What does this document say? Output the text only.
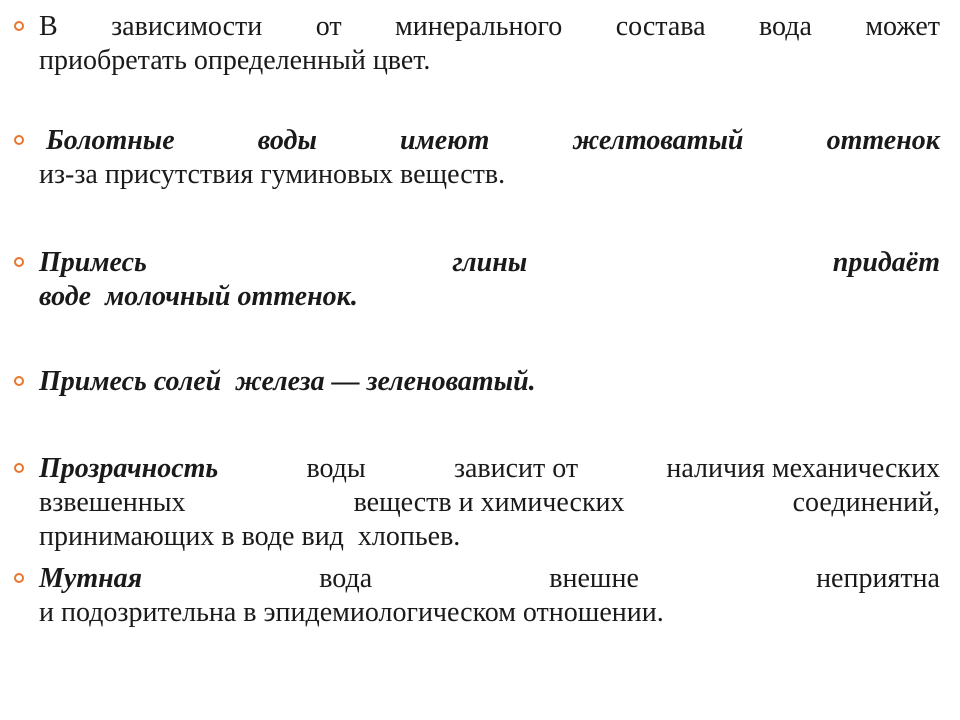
В зависимости от минерального состава вода может
приобретать определенный цвет.
Болотные	воды	имеют	желтоватый	оттенок
из-за присутствия гуминовых веществ.
Примесь	глины	придаёт
воде  молочный оттенок.
Примесь солей  железа — зеленоватый.
Прозрачность	воды	зависит от	наличия механических
взвешенных	веществ и химических	соединений,
принимающих в воде вид  хлопьев.
Мутная	вода	внешне	неприятна
и подозрительна в эпидемиологическом отношении.
